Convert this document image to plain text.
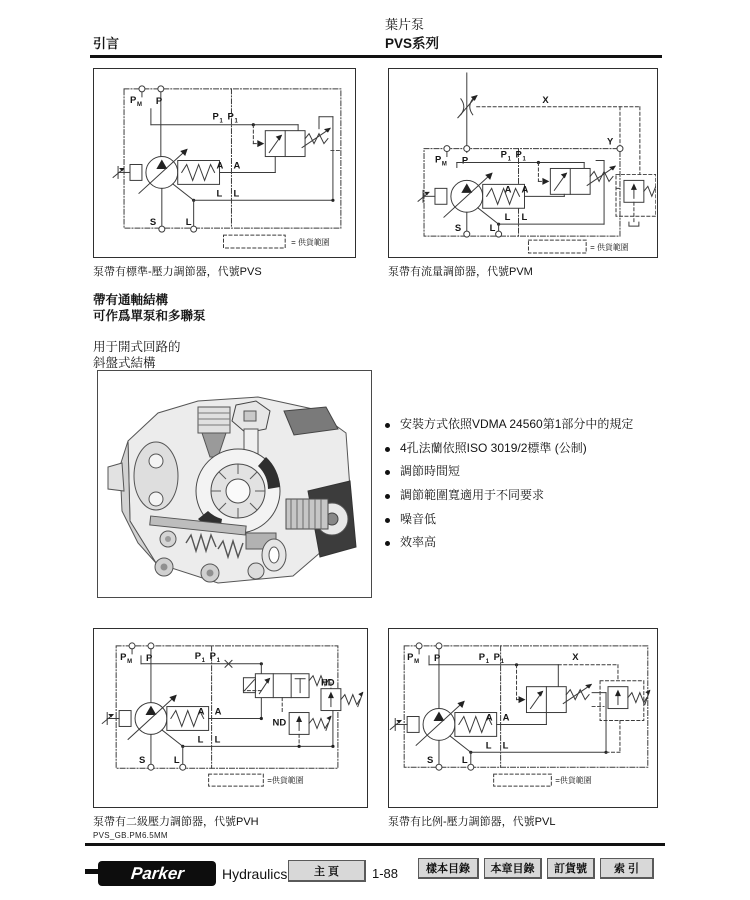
引言
葉片泵
PVS系列
P M P
P 1 P 1
A A
L L
S	L
= 供貨範圍
泵帶有標準-壓力調節器，代號PVS
X
Y
P M P
P 1 P 1
A A
L L
S	L
= 供貨範圍
泵帶有流量調節器，代號PVM
帶有通軸結構
可作爲單泵和多聯泵
用于開式回路的
斜盤式結構
安裝方式依照VDMA 24560第1部分中的規定
4孔法蘭依照ISO 3019/2標準 (公制)
調節時間短
調節範圍寬適用于不同要求
噪音低
效率高
P M P	P 1 P 1
HD
ND
A A
L L
S	L
=供貨範圍
泵帶有二級壓力調節器，代號PVH
P M P	X
P 1 P 1
A A
L L
S	L
=供貨範圍
泵帶有比例-壓力調節器，代號PVL
PVS_GB.PM6.5MM
Parker	Hydraulics	主 頁	1-88	樣本目錄	本章目錄	訂貨號	索 引
